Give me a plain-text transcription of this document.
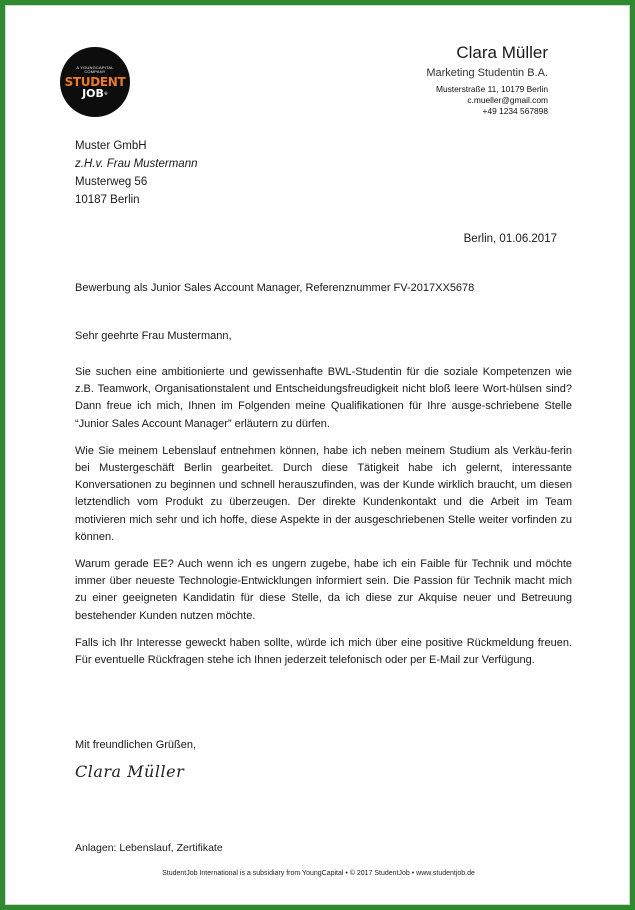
A YOUNGCAPITAL COMPANY
STUDENT
JOB®
Clara Müller
Marketing Studentin B.A.
Musterstraße 11, 10179 Berlin
c.mueller@gmail.com
+49 1234 567898
Muster GmbH
z.H.v. Frau Mustermann
Musterweg 56
10187 Berlin
Berlin, 01.06.2017
Bewerbung als Junior Sales Account Manager, Referenznummer FV-2017XX5678
Sehr geehrte Frau Mustermann,

Sie suchen eine ambitionierte und gewissenhafte BWL-Studentin für die soziale Kompetenzen wie z.B. Teamwork, Organisationstalent und Entscheidungsfreudigkeit nicht bloß leere Wort-hülsen sind? Dann freue ich mich, Ihnen im Folgenden meine Qualifikationen für Ihre ausge-schriebene Stelle “Junior Sales Account Manager” erläutern zu dürfen.

Wie Sie meinem Lebenslauf entnehmen können, habe ich neben meinem Studium als Verkäu-ferin bei Mustergeschäft Berlin gearbeitet. Durch diese Tätigkeit habe ich gelernt, interessante Konversationen zu beginnen und schnell herauszufinden, was der Kunde wirklich braucht, um diesen letztendlich vom Produkt zu überzeugen. Der direkte Kundenkontakt und die Arbeit im Team motivieren mich sehr und ich hoffe, diese Aspekte in der ausgeschriebenen Stelle weiter vorfinden zu können.

Warum gerade EE? Auch wenn ich es ungern zugebe, habe ich ein Faible für Technik und möchte immer über neueste Technologie-Entwicklungen informiert sein. Die Passion für Technik macht mich zu einer geeigneten Kandidatin für diese Stelle, da ich diese zur Akquise neuer und Betreuung bestehender Kunden nutzen möchte.

Falls ich Ihr Interesse geweckt haben sollte, würde ich mich über eine positive Rückmeldung freuen. Für eventuelle Rückfragen stehe ich Ihnen jederzeit telefonisch oder per E-Mail zur Verfügung.

Mit freundlichen Grüßen,
Clara Müller
Anlagen: Lebenslauf, Zertifikate
StudentJob International is a subsidiary from YoungCapital • © 2017 StudentJob • www.studentjob.de
